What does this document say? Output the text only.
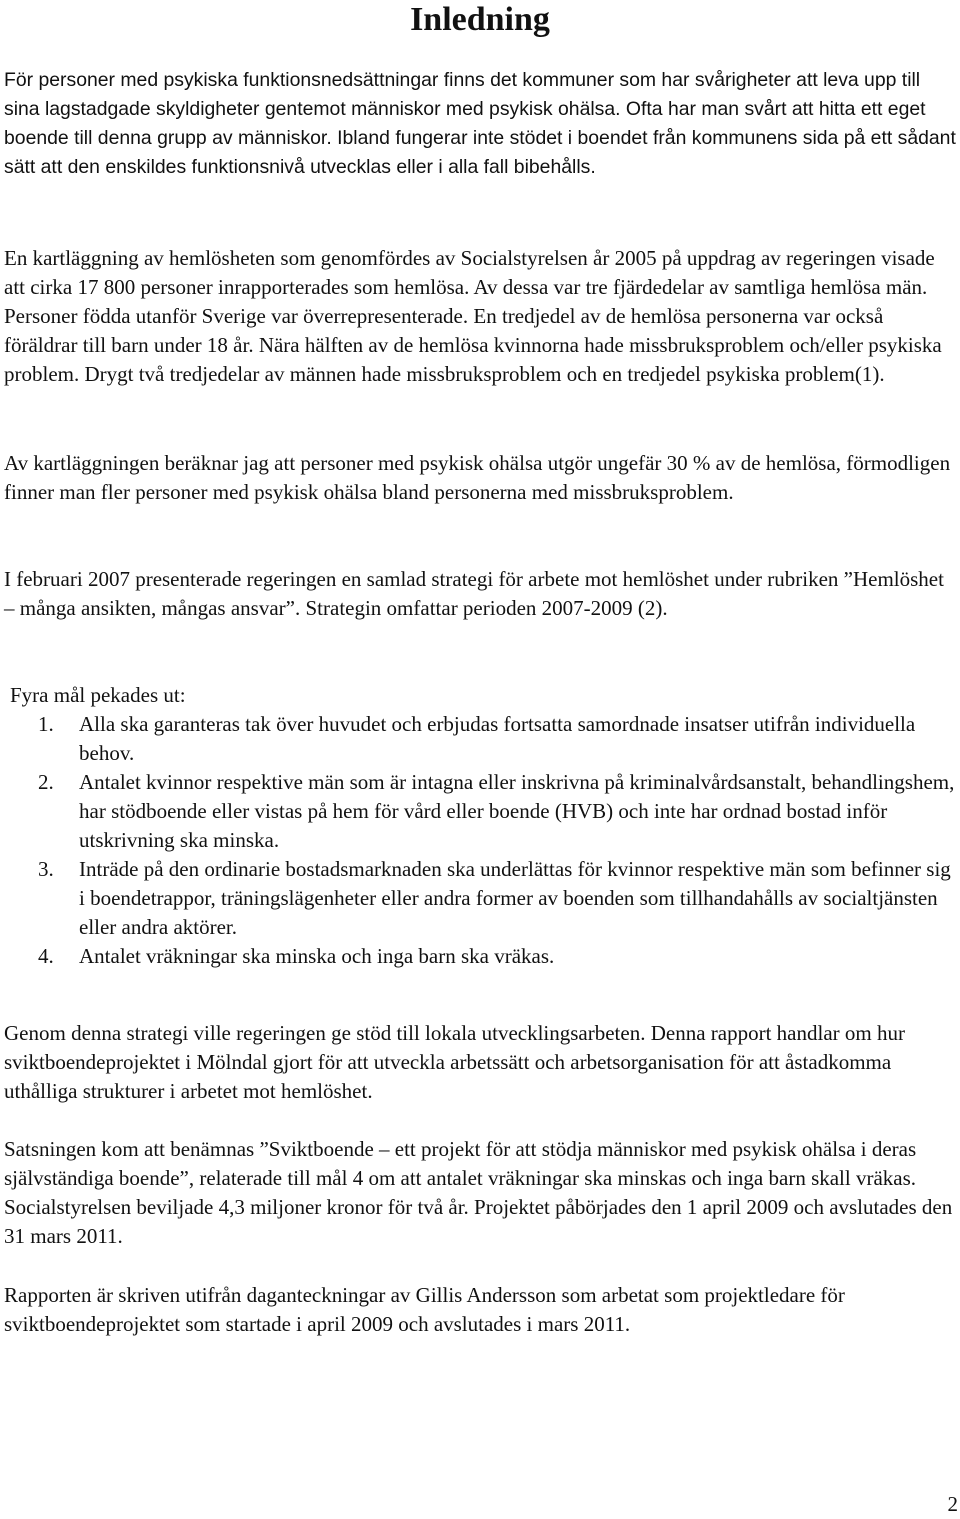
Inledning

För personer med psykiska funktionsnedsättningar finns det kommuner som har svårigheter att leva upp till sina lagstadgade skyldigheter gentemot människor med psykisk ohälsa. Ofta har man svårt att hitta ett eget boende till denna grupp av människor. Ibland fungerar inte stödet i boendet från kommunens sida på ett sådant sätt att den enskildes funktionsnivå utvecklas eller i alla fall bibehålls.

En kartläggning av hemlösheten som genomfördes av Socialstyrelsen år 2005 på uppdrag av regeringen visade att cirka 17 800 personer inrapporterades som hemlösa. Av dessa var tre fjärdedelar av samtliga hemlösa män. Personer födda utanför Sverige var överrepresenterade. En tredjedel av de hemlösa personerna var också föräldrar till barn under 18 år. Nära hälften av de hemlösa kvinnorna hade missbruksproblem och/eller psykiska problem. Drygt två tredjedelar av männen hade missbruksproblem och en tredjedel psykiska problem(1).

Av kartläggningen beräknar jag att personer med psykisk ohälsa utgör ungefär 30 % av de hemlösa, förmodligen finner man fler personer med psykisk ohälsa bland personerna med missbruksproblem.

I februari 2007 presenterade regeringen en samlad strategi för arbete mot hemlöshet under rubriken ”Hemlöshet – många ansikten, mångas ansvar”. Strategin omfattar perioden 2007-2009 (2).

Fyra mål pekades ut:

1. Alla ska garanteras tak över huvudet och erbjudas fortsatta samordnade insatser utifrån individuella behov.
2. Antalet kvinnor respektive män som är intagna eller inskrivna på kriminalvårdsanstalt, behandlingshem, har stödboende eller vistas på hem för vård eller boende (HVB) och inte har ordnad bostad inför utskrivning ska minska.
3. Inträde på den ordinarie bostadsmarknaden ska underlättas för kvinnor respektive män som befinner sig i boendetrappor, träningslägenheter eller andra former av boenden som tillhandahålls av socialtjänsten eller andra aktörer.
4. Antalet vräkningar ska minska och inga barn ska vräkas.

Genom denna strategi ville regeringen ge stöd till lokala utvecklingsarbeten. Denna rapport handlar om hur sviktboendeprojektet i Mölndal gjort för att utveckla arbetssätt och arbetsorganisation för att åstadkomma uthålliga strukturer i arbetet mot hemlöshet.

Satsningen kom att benämnas ”Sviktboende – ett projekt för att stödja människor med psykisk ohälsa i deras självständiga boende”, relaterade till mål 4 om att antalet vräkningar ska minskas och inga barn skall vräkas. Socialstyrelsen beviljade 4,3 miljoner kronor för två år. Projektet påbörjades den 1 april 2009 och avslutades den 31 mars 2011.

Rapporten är skriven utifrån daganteckningar av Gillis Andersson som arbetat som projektledare för sviktboendeprojektet som startade i april 2009 och avslutades i mars 2011.

2
